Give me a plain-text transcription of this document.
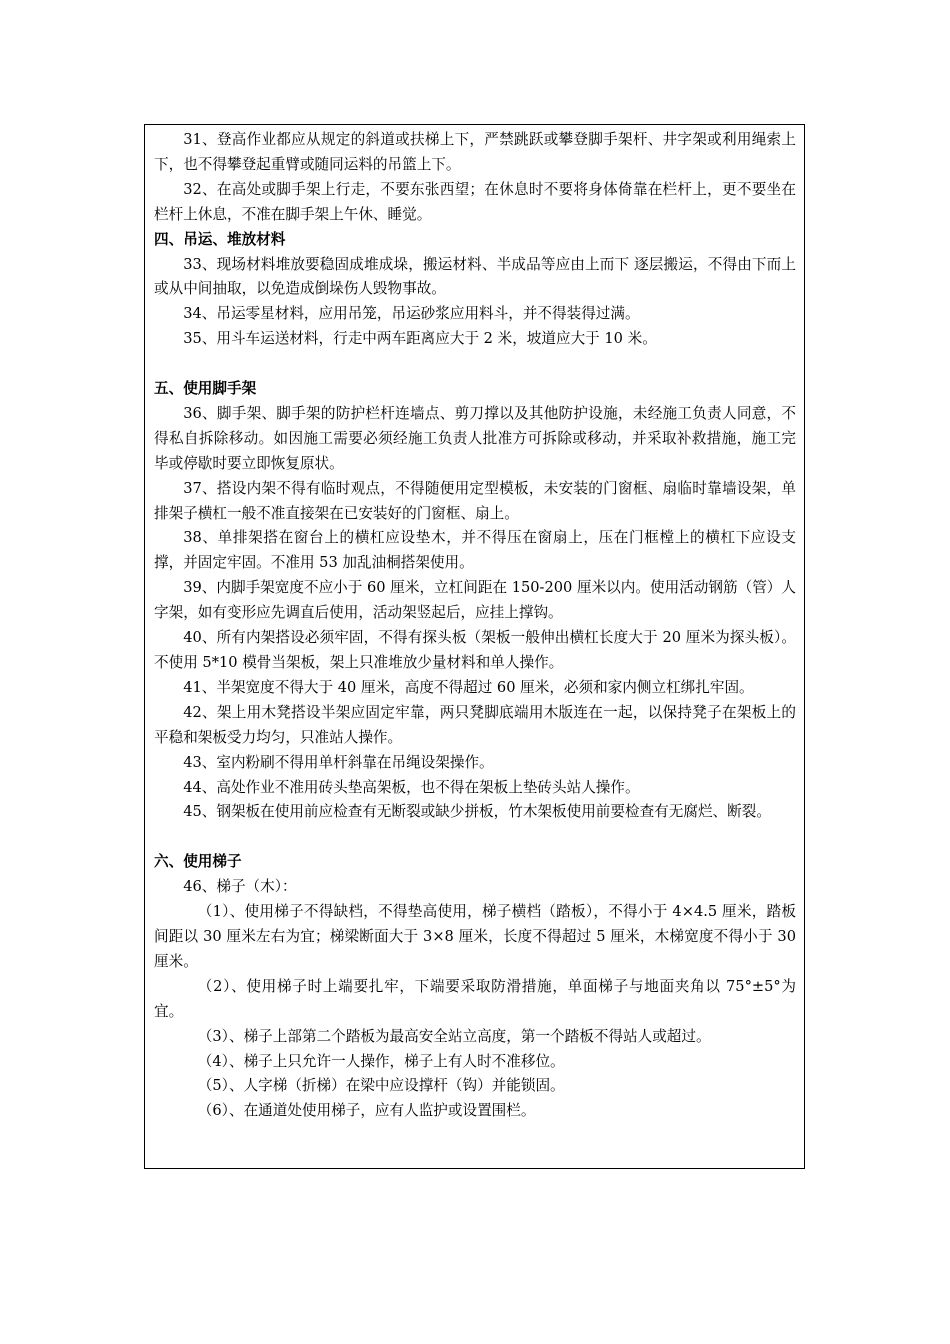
31、登高作业都应从规定的斜道或扶梯上下，严禁跳跃或攀登脚手架杆、井字架或利用绳索上下，也不得攀登起重臂或随同运料的吊篮上下。

32、在高处或脚手架上行走，不要东张西望；在休息时不要将身体倚靠在栏杆上，更不要坐在栏杆上休息，不准在脚手架上午休、睡觉。

四、吊运、堆放材料

33、现场材料堆放要稳固成堆成垛，搬运材料、半成品等应由上而下 逐层搬运，不得由下而上或从中间抽取，以免造成倒垛伤人毁物事故。

34、吊运零星材料，应用吊笼，吊运砂浆应用料斗，并不得装得过满。

35、用斗车运送材料，行走中两车距离应大于 2 米，坡道应大于 10 米。

五、使用脚手架

36、脚手架、脚手架的防护栏杆连墙点、剪刀撑以及其他防护设施，未经施工负责人同意，不得私自拆除移动。如因施工需要必须经施工负责人批准方可拆除或移动，并采取补救措施，施工完毕或停歇时要立即恢复原状。

37、搭设内架不得有临时观点，不得随便用定型模板，未安装的门窗框、扇临时靠墙设架，单排架子横杠一般不准直接架在已安装好的门窗框、扇上。

38、单排架搭在窗台上的横杠应设垫木，并不得压在窗扇上，压在门框樘上的横杠下应设支撑，并固定牢固。不准用 53 加乱油桐搭架使用。

39、内脚手架宽度不应小于 60 厘米，立杠间距在 150-200 厘米以内。使用活动钢筋（管）人字架，如有变形应先调直后使用，活动架竖起后，应挂上撑钩。

40、所有内架搭设必须牢固，不得有探头板（架板一般伸出横杠长度大于 20 厘米为探头板）。不使用 5*10 模骨当架板，架上只准堆放少量材料和单人操作。

41、半架宽度不得大于 40 厘米，高度不得超过 60 厘米，必须和家内侧立杠绑扎牢固。

42、架上用木凳搭设半架应固定牢靠，两只凳脚底端用木版连在一起，以保持凳子在架板上的平稳和架板受力均匀，只准站人操作。

43、室内粉刷不得用单杆斜靠在吊绳设架操作。

44、高处作业不准用砖头垫高架板，也不得在架板上垫砖头站人操作。

45、钢架板在使用前应检查有无断裂或缺少拼板，竹木架板使用前要检查有无腐烂、断裂。

六、使用梯子

46、梯子（木）：

（1）、使用梯子不得缺档，不得垫高使用，梯子横档（踏板），不得小于 4×4.5 厘米，踏板间距以 30 厘米左右为宜；梯梁断面大于 3×8 厘米，长度不得超过 5 厘米，木梯宽度不得小于 30 厘米。

（2）、使用梯子时上端要扎牢，下端要采取防滑措施，单面梯子与地面夹角以 75°±5°为宜。

（3）、梯子上部第二个踏板为最高安全站立高度，第一个踏板不得站人或超过。

（4）、梯子上只允许一人操作，梯子上有人时不准移位。

（5）、人字梯（折梯）在梁中应设撑杆（钩）并能锁固。

（6）、在通道处使用梯子，应有人监护或设置围栏。
